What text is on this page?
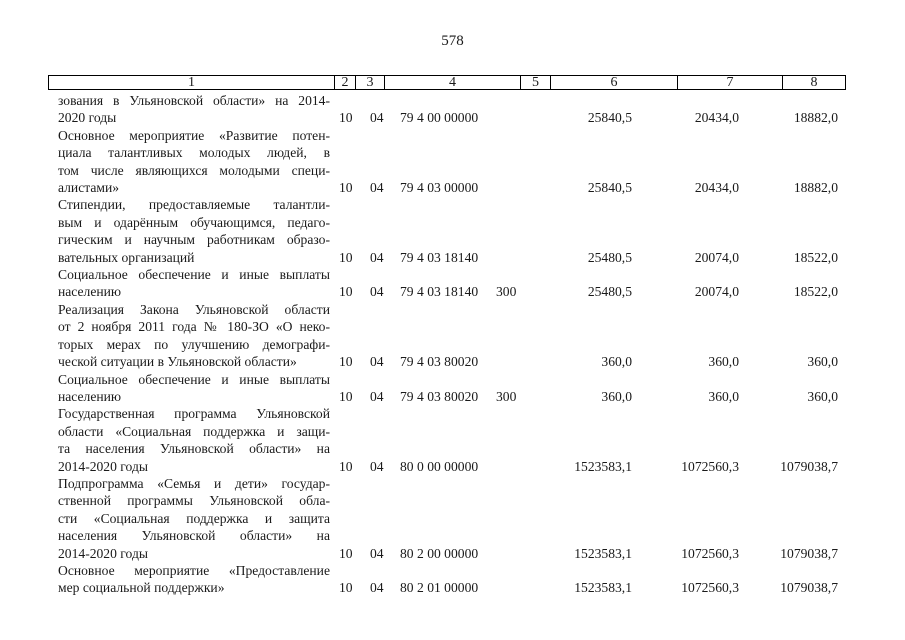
578
1	2	3	4	5	6	7	8
зования в Ульяновской области» на 2014-
2020 годы	10 04 79 4 00 00000	25840,5	20434,0	18882,0
Основное мероприятие «Развитие потен-
циала талантливых молодых людей, в
том числе являющихся молодыми специ-
алистами»	10 04 79 4 03 00000	25840,5	20434,0	18882,0
Стипендии, предоставляемые талантли-
вым и одарённым обучающимся, педаго-
гическим и научным работникам образо-
вательных организаций	10 04 79 4 03 18140	25480,5	20074,0	18522,0
Социальное обеспечение и иные выплаты
населению	10 04 79 4 03 18140 300	25480,5	20074,0	18522,0
Реализация Закона Ульяновской области
от 2 ноября 2011 года № 180-ЗО «О неко-
торых мерах по улучшению демографи-
ческой ситуации в Ульяновской области»	10 04 79 4 03 80020	360,0	360,0	360,0
Социальное обеспечение и иные выплаты
населению	10 04 79 4 03 80020 300	360,0	360,0	360,0
Государственная программа Ульяновской
области «Социальная поддержка и защи-
та населения Ульяновской области» на
2014-2020 годы	10 04 80 0 00 00000	1523583,1	1072560,3	1079038,7
Подпрограмма «Семья и дети» государ-
ственной программы Ульяновской обла-
сти «Социальная поддержка и защита
населения Ульяновской области» на
2014-2020 годы	10 04 80 2 00 00000	1523583,1	1072560,3	1079038,7
Основное мероприятие «Предоставление
мер социальной поддержки»	10 04 80 2 01 00000	1523583,1	1072560,3	1079038,7
